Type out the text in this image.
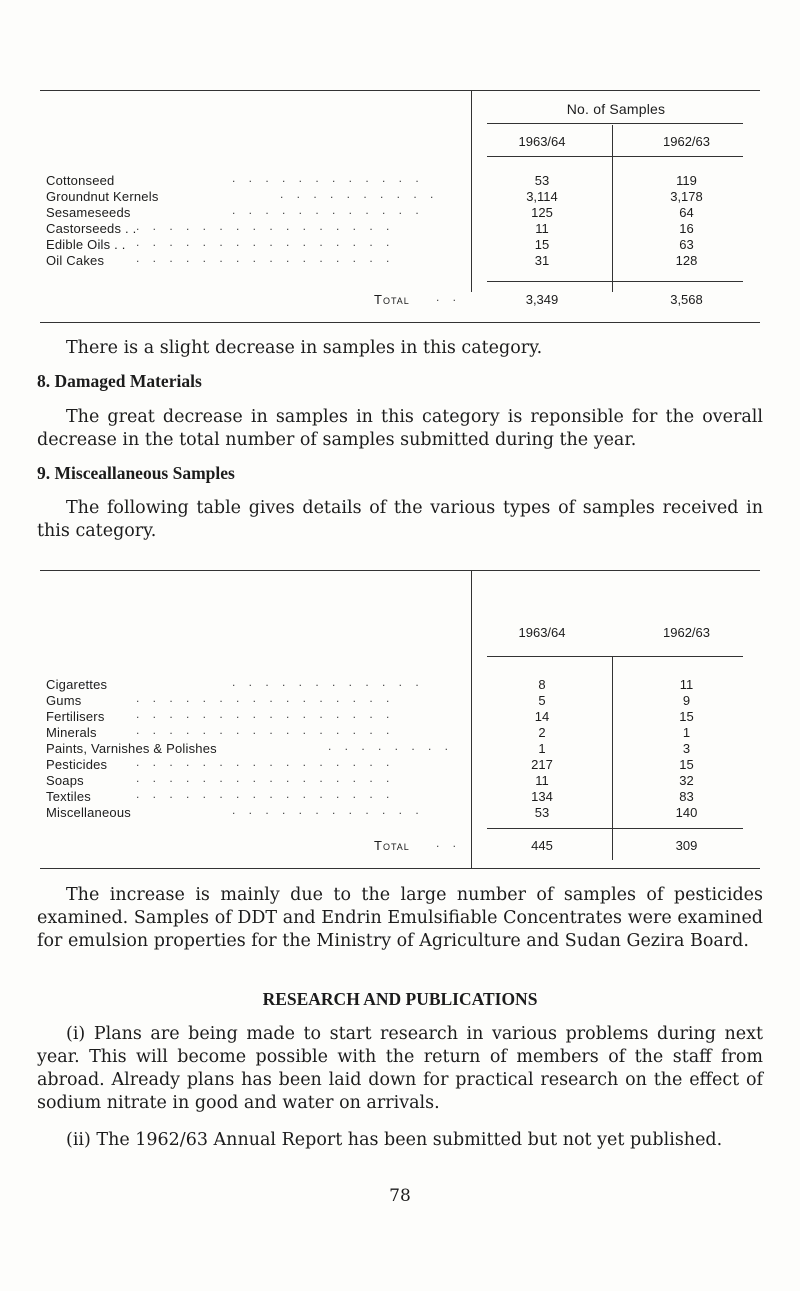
No. of Samples
1963/64	1962/63
Cottonseed	53	119
Groundnut Kernels	3,114	3,178
Sesameseeds	125	64
Castorseeds . .	11	16
Edible Oils . .	15	63
Oil Cakes	31	128
. . . . . . . . . . . .
. . . . . . . . . .
. . . . . . . . . . . .
. . . . . . . . . . . . . . . .
. . . . . . . . . . . . . . . .
. . . . . . . . . . . . . . . .
Total . .	3,349	3,568
There is a slight decrease in samples in this category.
8. Damaged Materials
The great decrease in samples in this category is reponsible for the overall decrease in the total number of samples submitted during the year.
9. Misceallaneous Samples
The following table gives details of the various types of samples received in this category.
1963/64	1962/63
Cigarettes	8	11
Gums	5	9
Fertilisers	14	15
Minerals	2	1
Paints, Varnishes & Polishes	1	3
Pesticides	217	15
Soaps	11	32
Textiles	134	83
Miscellaneous	53	140
. . . . . . . . . . . .
. . . . . . . . . . . . . . . .
. . . . . . . . . . . . . . . .
. . . . . . . . . . . . . . . .
. . . . . . . .
. . . . . . . . . . . . . . . .
. . . . . . . . . . . . . . . .
. . . . . . . . . . . . . . . .
. . . . . . . . . . . .
Total . .	445	309
The increase is mainly due to the large number of samples of pesticides examined. Samples of DDT and Endrin Emulsifiable Concentrates were examined for emulsion properties for the Ministry of Agriculture and Sudan Gezira Board.
RESEARCH AND PUBLICATIONS
(i) Plans are being made to start research in various problems during next year. This will become possible with the return of members of the staff from abroad. Already plans has been laid down for practical research on the effect of sodium nitrate in good and water on arrivals.
(ii) The 1962/63 Annual Report has been submitted but not yet published.
78
